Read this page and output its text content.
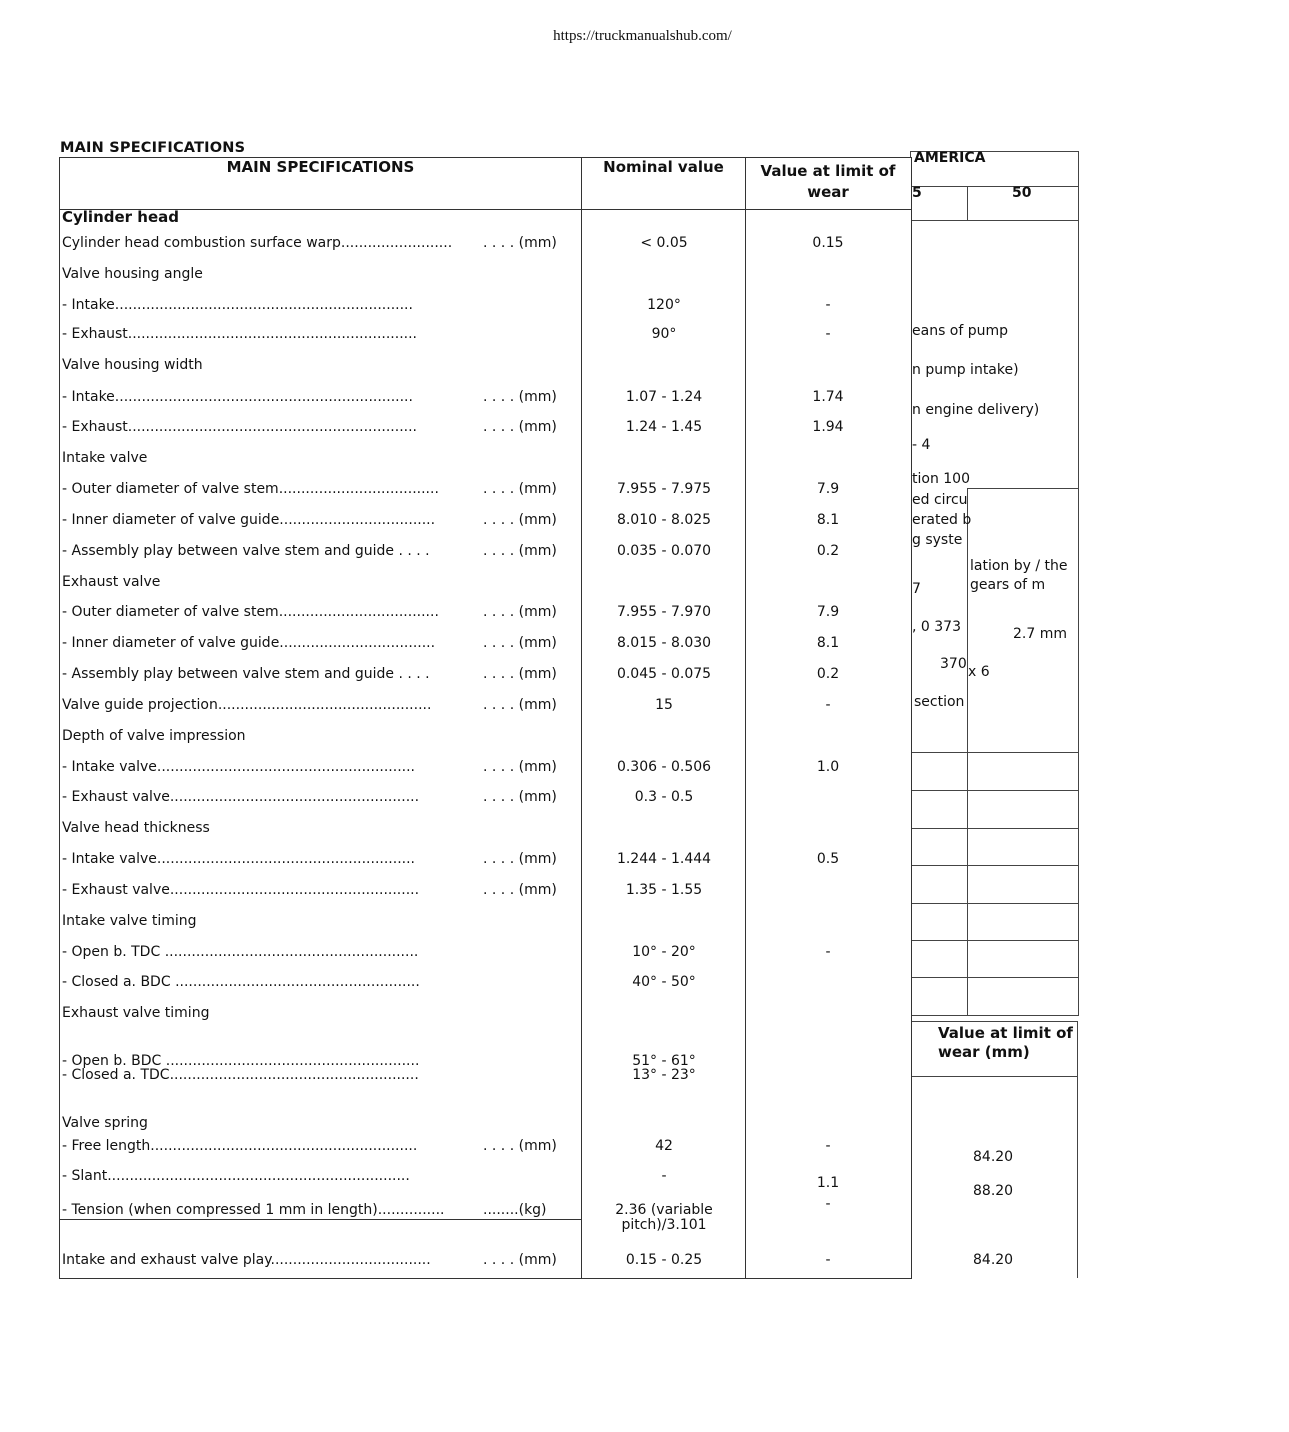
https://truckmanualshub.com/
AMERICA
5	50
eans of pump
n pump intake)
n engine delivery)
- 4
tion 100
ed circu
erated b
g syste
lation by / the
gears of m
7
, 0 373	2.7 mm
370 x 6
section
Value at limit of wear (mm)
84.20
88.20
84.20
MAIN SPECIFICATIONS
MAIN SPECIFICATIONS	Nominal value	Value at limit of wear
Cylinder head
Cylinder head combustion surface warp......................... . . . . (mm)	< 0.05	0.15
Valve housing angle
- Intake...................................................................	120°	-
- Exhaust.................................................................	90°	-
Valve housing width
- Intake...................................................................	. . . . (mm)	1.07 - 1.24	1.74
- Exhaust.................................................................	. . . . (mm)	1.24 - 1.45	1.94
Intake valve
- Outer diameter of valve stem....................................	. . . . (mm)	7.955 - 7.975	7.9
- Inner diameter of valve guide...................................	. . . . (mm)	8.010 - 8.025	8.1
- Assembly play between valve stem and guide . . . .	. . . . (mm)	0.035 - 0.070	0.2
Exhaust valve
- Outer diameter of valve stem....................................	. . . . (mm)	7.955 - 7.970	7.9
- Inner diameter of valve guide...................................	. . . . (mm)	8.015 - 8.030	8.1
- Assembly play between valve stem and guide . . . .	. . . . (mm)	0.045 - 0.075	0.2
Valve guide projection................................................	. . . . (mm)	15	-
Depth of valve impression
- Intake valve..........................................................	. . . . (mm)	0.306 - 0.506	1.0
- Exhaust valve........................................................	. . . . (mm)	0.3 - 0.5
Valve head thickness
- Intake valve..........................................................	. . . . (mm)	1.244 - 1.444	0.5
- Exhaust valve........................................................	. . . . (mm)	1.35 - 1.55
Intake valve timing
- Open b. TDC .........................................................	10° - 20°	-
- Closed a. BDC .......................................................	40° - 50°
Exhaust valve timing
- Open b. BDC .........................................................	51° - 61°
- Closed a. TDC........................................................	13° - 23°
Valve spring
- Free length............................................................	. . . . (mm)	42	-
- Slant....................................................................	-	1.1
- Tension (when compressed 1 mm in length)...............	........(kg)	2.36 (variable	-
pitch)/3.101
Intake and exhaust valve play....................................	. . . . (mm)	0.15 - 0.25	-
